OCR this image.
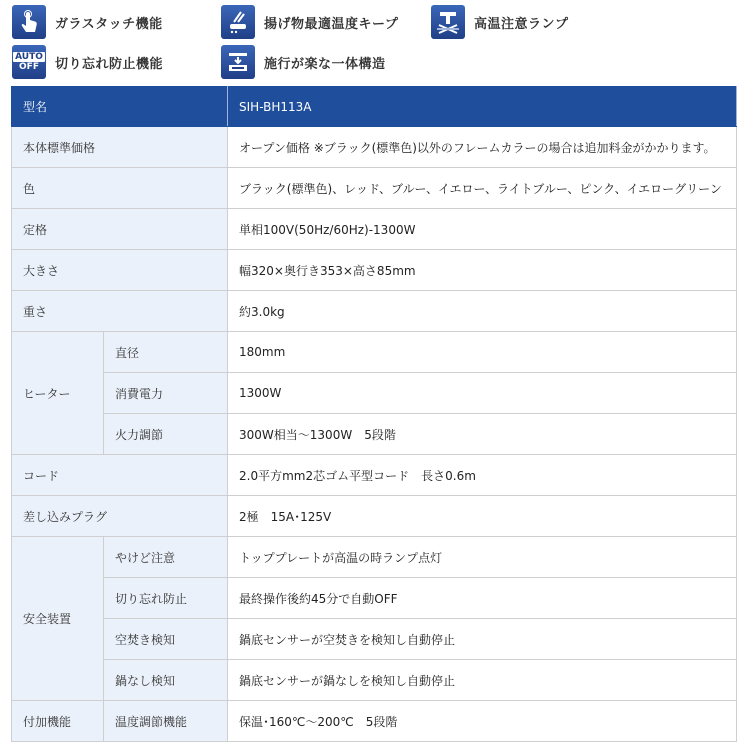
ガラスタッチ機能	揚げ物最適温度キープ	高温注意ランプ
AUTO
OFF 切り忘れ防止機能	施行が楽な一体構造
型名		SIH-BH113A
本体標準価格		オープン価格 ※ブラック(標準色)以外のフレームカラーの場合は追加料金がかかります。
色		ブラック(標準色)、レッド、ブルー、イエロー、ライトブルー、ピンク、イエローグリーン
定格		単相100V(50Hz/60Hz)-1300W
大きさ		幅320×奥行き353×高さ85mm
重さ		約3.0kg
ヒーター	直径	180mm
	消費電力	1300W
	火力調節	300W相当～1300W　5段階
コード		2.0平方mm2芯ゴム平型コード　長さ0.6m
差し込みプラグ		2極　15A･125V
安全装置	やけど注意	トッププレートが高温の時ランプ点灯
	切り忘れ防止	最終操作後約45分で自動OFF
	空焚き検知	鍋底センサーが空焚きを検知し自動停止
	鍋なし検知	鍋底センサーが鍋なしを検知し自動停止
付加機能	温度調節機能	保温･160℃～200℃　5段階
